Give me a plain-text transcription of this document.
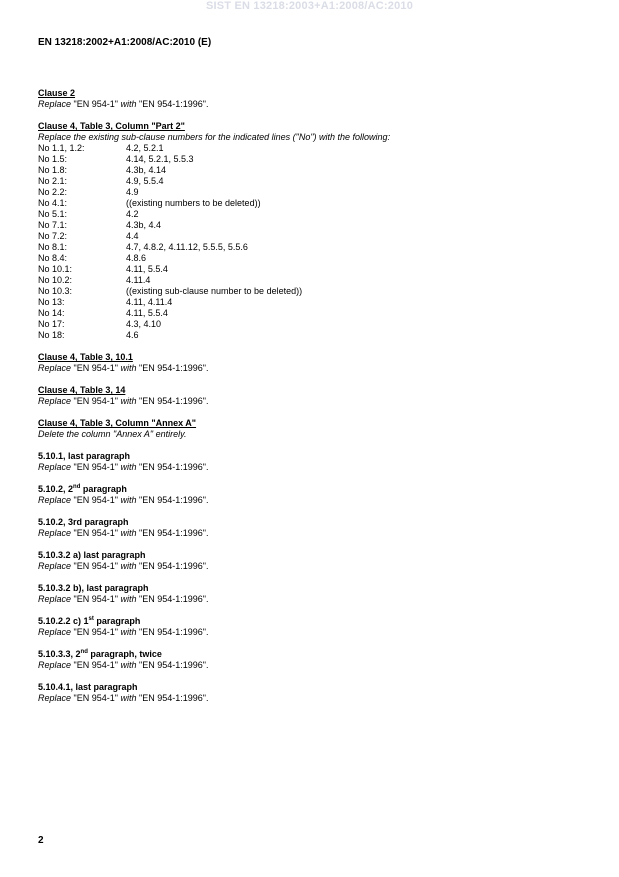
SIST EN 13218:2003+A1:2008/AC:2010
EN 13218:2002+A1:2008/AC:2010 (E)
Clause 2
Replace "EN 954-1" with "EN 954-1:1996".
Clause 4, Table 3, Column "Part 2"
Replace the existing sub-clause numbers for the indicated lines ("No") with the following:
No 1.1, 1.2:	4.2, 5.2.1
No 1.5:	4.14, 5.2.1, 5.5.3
No 1.8:	4.3b, 4.14
No 2.1:	4.9, 5.5.4
No 2.2:	4.9
No 4.1:	((existing numbers to be deleted))
No 5.1:	4.2
No 7.1:	4.3b, 4.4
No 7.2:	4.4
No 8.1:	4.7, 4.8.2, 4.11.12, 5.5.5, 5.5.6
No 8.4:	4.8.6
No 10.1:	4.11, 5.5.4
No 10.2:	4.11.4
No 10.3:	((existing sub-clause number to be deleted))
No 13:	4.11, 4.11.4
No 14:	4.11, 5.5.4
No 17:	4.3, 4.10
No 18:	4.6
Clause 4, Table 3, 10.1
Replace "EN 954-1" with "EN 954-1:1996".
Clause 4, Table 3, 14
Replace "EN 954-1" with "EN 954-1:1996".
Clause 4, Table 3, Column "Annex A"
Delete the column "Annex A" entirely.
5.10.1, last paragraph
Replace "EN 954-1" with "EN 954-1:1996".
5.10.2, 2nd paragraph
Replace "EN 954-1" with "EN 954-1:1996".
5.10.2, 3rd paragraph
Replace "EN 954-1" with "EN 954-1:1996".
5.10.3.2 a) last paragraph
Replace "EN 954-1" with "EN 954-1:1996".
5.10.3.2 b), last paragraph
Replace "EN 954-1" with "EN 954-1:1996".
5.10.2.2 c) 1st paragraph
Replace "EN 954-1" with "EN 954-1:1996".
5.10.3.3, 2nd paragraph, twice
Replace "EN 954-1" with "EN 954-1:1996".
5.10.4.1, last paragraph
Replace "EN 954-1" with "EN 954-1:1996".
2
